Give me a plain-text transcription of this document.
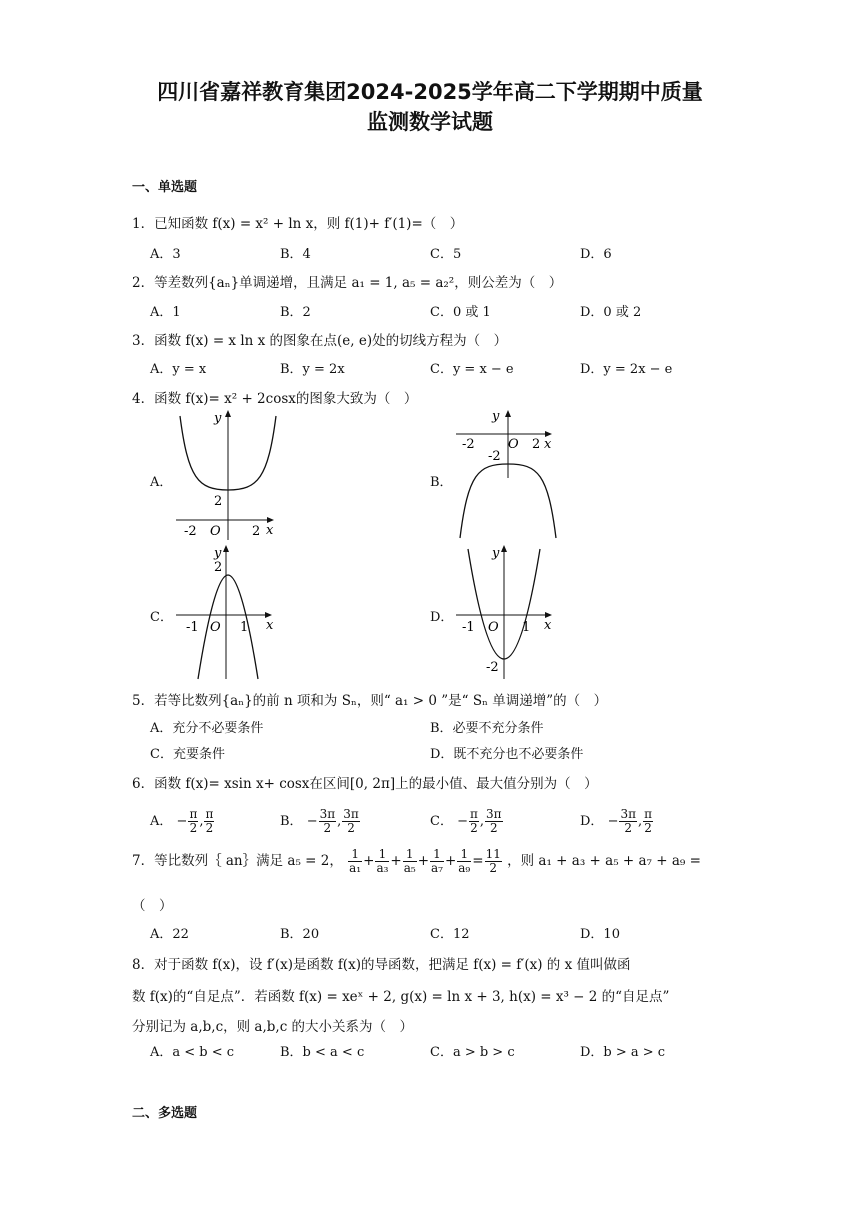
四川省嘉祥教育集团2024-2025学年高二下学期期中质量
监测数学试题
一、单选题
1．已知函数 f(x) = x² + ln x，则 f(1)+ f′(1)=（　）
A．3	B．4	C．5	D．6
2．等差数列{aₙ}单调递增，且满足 a₁ = 1, a₅ = a₂²，则公差为（　）
A．1	B．2	C．0 或 1	D．0 或 2
3．函数 f(x) = x ln x 的图象在点(e, e)处的切线方程为（　）
A．y = x	B．y = 2x	C．y = x − e	D．y = 2x − e
4．函数 f(x)= x² + 2cosx的图象大致为（　）
A．	B．
C．	D．
y
2
-2 O 2 x
y
-2	O 2 x
-2
y
2
-1 O 1 x
y
-1 O 1 x
-2
5．若等比数列{aₙ}的前 n 项和为 Sₙ，则“ a₁ > 0 ”是“ Sₙ 单调递增”的（　）
A．充分不必要条件	B．必要不充分条件
C．充要条件	D．既不充分也不必要条件
6．函数 f(x)= xsin x+ cosx在区间[0, 2π]上的最小值、最大值分别为（　）
A． − $\frac{\pi}{2}$ , $\frac{\pi}{2}$	B． − $\frac{3\pi}{2}$ , $\frac{3\pi}{2}$	C． − $\frac{\pi}{2}$ , $\frac{3\pi}{2}$	D． − $\frac{3\pi}{2}$ , $\frac{\pi}{2}$
7．等比数列｛ an｝满足 a₅ = 2， $\frac{1}{\text{a₁}} + \frac{1}{\text{a₃}} + \frac{1}{\text{a₅}} + \frac{1}{\text{a₇}} + \frac{1}{\text{a₉}} = \frac{11}{2}$ ，则 a₁ + a₃ + a₅ + a₇ + a₉ =
（　）
A．22	B．20	C．12	D．10
8．对于函数 f(x)，设 f′(x)是函数 f(x)的导函数，把满足 f(x) = f′(x) 的 x 值叫做函
数 f(x)的“自足点”．若函数 f(x) = xeˣ + 2, g(x) = ln x + 3, h(x) = x³ − 2 的“自足点”
分别记为 a,b,c，则 a,b,c 的大小关系为（　）
A．a < b < c	B．b < a < c	C．a > b > c	D．b > a > c
二、多选题
